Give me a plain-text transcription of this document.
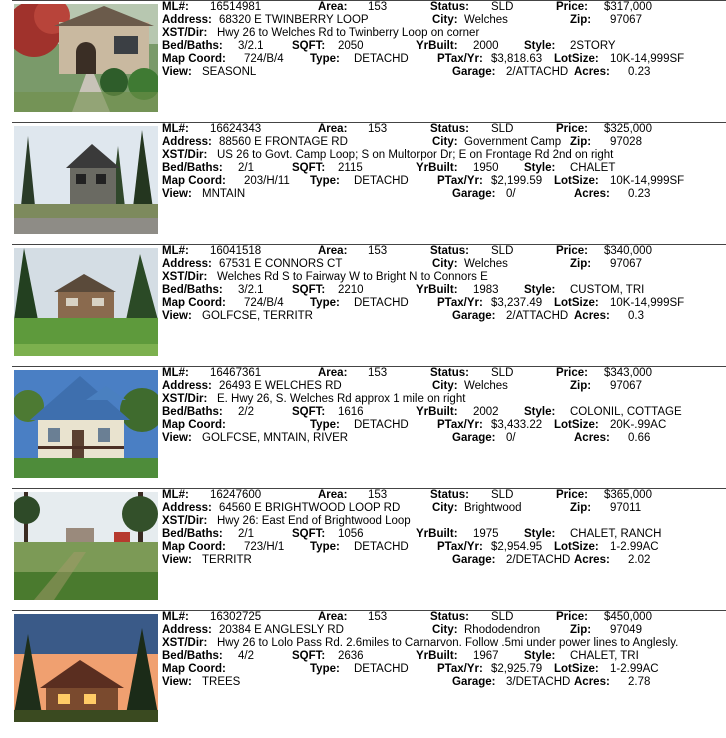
ML#: 16514981	Area: 153	Status: SLD	Price: $317,000
Address: 68320 E TWINBERRY LOOP	City: Welches	Zip: 97067
XST/Dir: Hwy 26 to Welches Rd to Twinberry Loop on corner
Bed/Baths: 3/2.1 SQFT: 2050	YrBuilt: 2000 Style: 2STORY
Map Coord: 724/B/4 Type: DETACHD PTax/Yr: $3,818.63 LotSize: 10K-14,999SF
View: SEASONL	Garage: 2/ATTACHD Acres: 0.23
ML#: 16624343	Area: 153	Status: SLD	Price: $325,000
Address: 88560 E FRONTAGE RD	City: Government Camp Zip: 97028
XST/Dir: US 26 to Govt. Camp Loop; S on Multorpor Dr; E on Frontage Rd 2nd on right
Bed/Baths: 2/1	SQFT: 2115	YrBuilt: 1950 Style: CHALET
Map Coord: 203/H/11 Type: DETACHD PTax/Yr: $2,199.59 LotSize: 10K-14,999SF
View: MNTAIN	Garage: 0/	Acres: 0.23
ML#: 16041518	Area: 153	Status: SLD	Price: $340,000
Address: 67531 E CONNORS CT	City: Welches	Zip: 97067
XST/Dir: Welches Rd S to Fairway W to Bright N to Connors E
Bed/Baths: 3/2.1 SQFT: 2210	YrBuilt: 1983 Style: CUSTOM, TRI
Map Coord: 724/B/4 Type: DETACHD PTax/Yr: $3,237.49 LotSize: 10K-14,999SF
View: GOLFCSE, TERRITR	Garage: 2/ATTACHD Acres: 0.3
ML#: 16467361	Area: 153	Status: SLD	Price: $343,000
Address: 26493 E WELCHES RD	City: Welches	Zip: 97067
XST/Dir: E. Hwy 26, S. Welches Rd approx 1 mile on right
Bed/Baths: 2/2	SQFT: 1616	YrBuilt: 2002 Style: COLONIL, COTTAGE
Map Coord:	Type: DETACHD PTax/Yr: $3,433.22 LotSize: 20K-.99AC
View: GOLFCSE, MNTAIN, RIVER	Garage: 0/	Acres: 0.66
ML#: 16247600	Area: 153	Status: SLD	Price: $365,000
Address: 64560 E BRIGHTWOOD LOOP RD	City: Brightwood	Zip: 97011
XST/Dir: Hwy 26: East End of Brightwood Loop
Bed/Baths: 2/1	SQFT: 1056	YrBuilt: 1975 Style: CHALET, RANCH
Map Coord: 723/H/1 Type: DETACHD PTax/Yr: $2,954.95 LotSize: 1-2.99AC
View: TERRITR	Garage: 2/DETACHD Acres: 2.02
ML#: 16302725	Area: 153	Status: SLD	Price: $450,000
Address: 20384 E ANGLESLY RD	City: Rhododendron	Zip: 97049
XST/Dir: Hwy 26 to Lolo Pass Rd. 2.6miles to Carnarvon. Follow .5mi under power lines to Anglesly.
Bed/Baths: 4/2	SQFT: 2636	YrBuilt: 1967 Style: CHALET, TRI
Map Coord:	Type: DETACHD PTax/Yr: $2,925.79 LotSize: 1-2.99AC
View: TREES	Garage: 3/DETACHD Acres: 2.78
